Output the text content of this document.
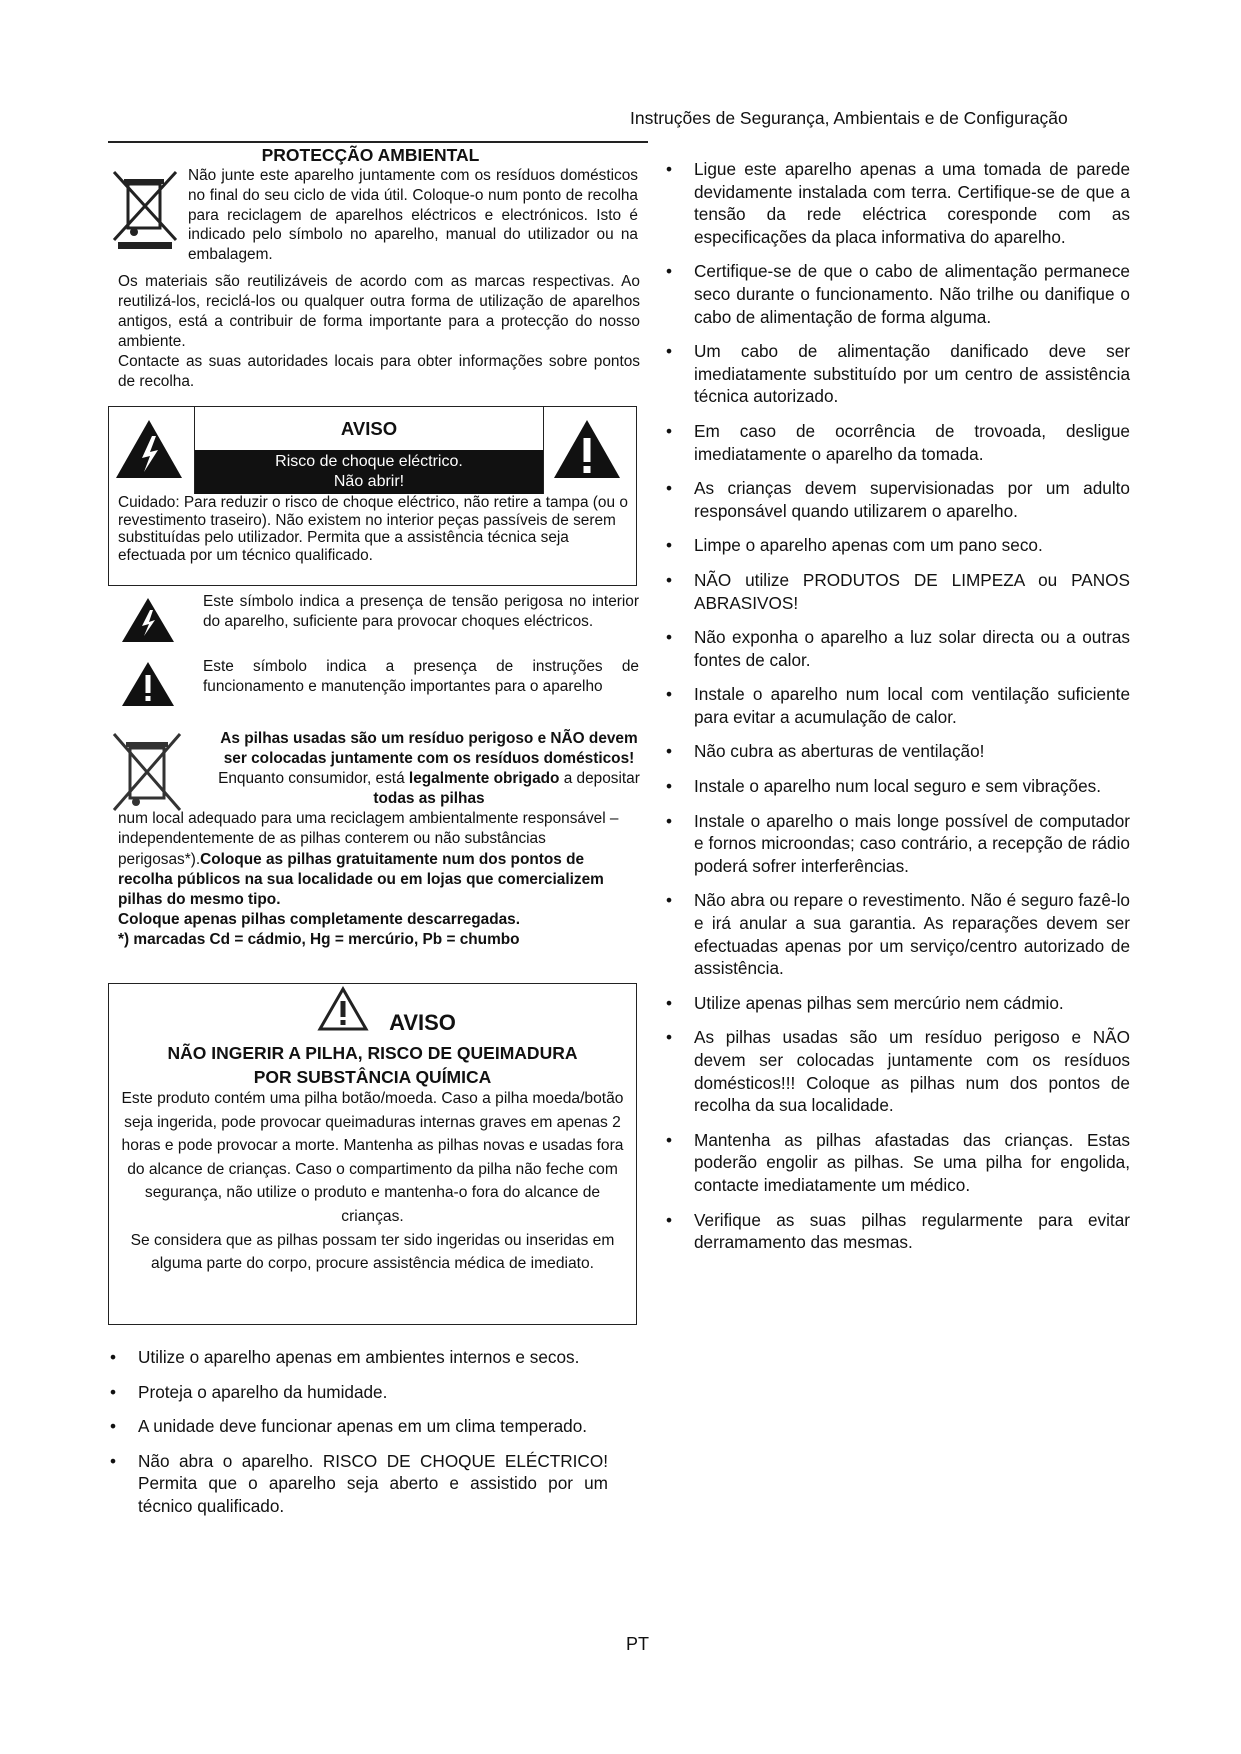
Instruções de Segurança, Ambientais e de Configuração
PROTECÇÃO AMBIENTAL
Não junte este aparelho juntamente com os resíduos domésticos no final do seu ciclo de vida útil. Coloque-o num ponto de recolha para reciclagem de aparelhos eléctricos e electrónicos. Isto é indicado pelo símbolo no aparelho, manual do utilizador ou na embalagem.

Os materiais são reutilizáveis de acordo com as marcas respectivas. Ao reutilizá-los, reciclá-los ou qualquer outra forma de utilização de aparelhos antigos, está a contribuir de forma importante para a protecção do nosso ambiente.

Contacte as suas autoridades locais para obter informações sobre pontos de recolha.

AVISO
Risco de choque eléctrico.
Não abrir!
Cuidado: Para reduzir o risco de choque eléctrico, não retire a tampa (ou o revestimento traseiro). Não existem no interior peças passíveis de serem substituídas pelo utilizador. Permita que a assistência técnica seja efectuada por um técnico qualificado.
Este símbolo indica a presença de tensão perigosa no interior do aparelho, suficiente para provocar choques eléctricos.
Este símbolo indica a presença de instruções de funcionamento e manutenção importantes para o aparelho
As pilhas usadas são um resíduo perigoso e NÃO devem ser colocadas juntamente com os resíduos domésticos! Enquanto consumidor, está legalmente obrigado a depositar todas as pilhas
num local adequado para uma reciclagem ambientalmente responsável – independentemente de as pilhas conterem ou não substâncias perigosas*).Coloque as pilhas gratuitamente num dos pontos de recolha públicos na sua localidade ou em lojas que comercializem pilhas do mesmo tipo.
Coloque apenas pilhas completamente descarregadas.
*) marcadas Cd = cádmio, Hg = mercúrio, Pb = chumbo
AVISO
NÃO INGERIR A PILHA, RISCO DE QUEIMADURA
POR SUBSTÂNCIA QUÍMICA
Este produto contém uma pilha botão/moeda. Caso a pilha moeda/botão seja ingerida, pode provocar queimaduras internas graves em apenas 2 horas e pode provocar a morte. Mantenha as pilhas novas e usadas fora do alcance de crianças. Caso o compartimento da pilha não feche com segurança, não utilize o produto e mantenha-o fora do alcance de crianças.
Se considera que as pilhas possam ter sido ingeridas ou inseridas em alguma parte do corpo, procure assistência médica de imediato.
• Utilize o aparelho apenas em ambientes internos e secos.
• Proteja o aparelho da humidade.
• A unidade deve funcionar apenas em um clima temperado.
• Não abra o aparelho. RISCO DE CHOQUE ELÉCTRICO! Permita que o aparelho seja aberto e assistido por um técnico qualificado.
• Ligue este aparelho apenas a uma tomada de parede devidamente instalada com terra. Certifique-se de que a tensão da rede eléctrica coresponde com as especificações da placa informativa do aparelho.
• Certifique-se de que o cabo de alimentação permanece seco durante o funcionamento. Não trilhe ou danifique o cabo de alimentação de forma alguma.
• Um cabo de alimentação danificado deve ser imediatamente substituído por um centro de assistência técnica autorizado.
• Em caso de ocorrência de trovoada, desligue imediatamente o aparelho da tomada.
• As crianças devem supervisionadas por um adulto responsável quando utilizarem o aparelho.
• Limpe o aparelho apenas com um pano seco.
• NÃO utilize PRODUTOS DE LIMPEZA ou PANOS ABRASIVOS!
• Não exponha o aparelho a luz solar directa ou a outras fontes de calor.
• Instale o aparelho num local com ventilação suficiente para evitar a acumulação de calor.
• Não cubra as aberturas de ventilação!
• Instale o aparelho num local seguro e sem vibrações.
• Instale o aparelho o mais longe possível de computador e fornos microondas; caso contrário, a recepção de rádio poderá sofrer interferências.
• Não abra ou repare o revestimento. Não é seguro fazê-lo e irá anular a sua garantia. As reparações devem ser efectuadas apenas por um serviço/centro autorizado de assistência.
• Utilize apenas pilhas sem mercúrio nem cádmio.
• As pilhas usadas são um resíduo perigoso e NÃO devem ser colocadas juntamente com os resíduos domésticos!!! Coloque as pilhas num dos pontos de recolha da sua localidade.
• Mantenha as pilhas afastadas das crianças. Estas poderão engolir as pilhas. Se uma pilha for engolida, contacte imediatamente um médico.
• Verifique as suas pilhas regularmente para evitar derramamento das mesmas.
PT
